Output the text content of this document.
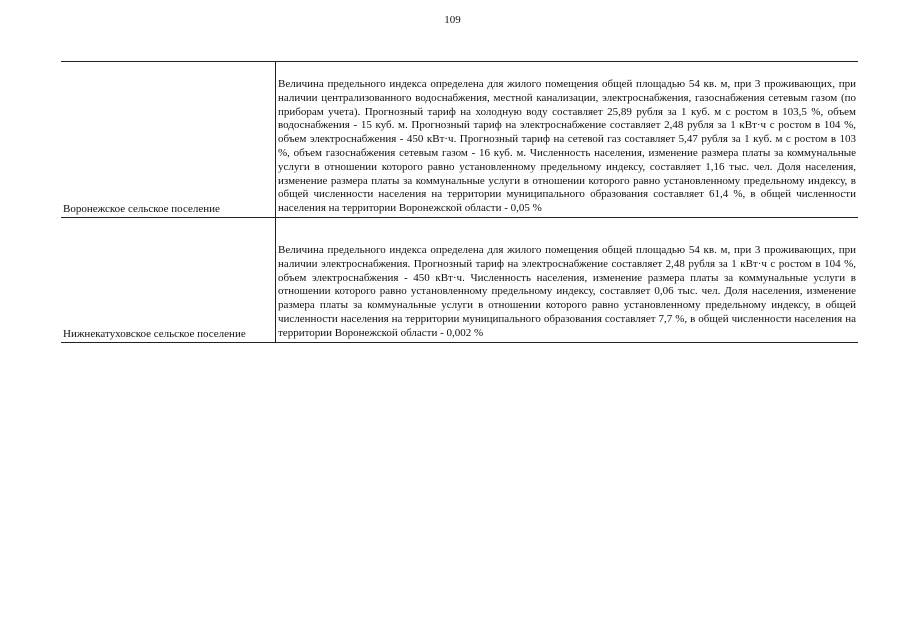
109
Воронежское сельское поселение	Величина предельного индекса определена для жилого помещения общей площадью 54 кв. м, при 3 проживающих, при наличии централизованного водоснабжения, местной канализации, электроснабжения, газоснабжения сетевым газом (по приборам учета). Прогнозный тариф на холодную воду составляет 25,89 рубля за 1 куб. м с ростом в 103,5 %, объем водоснабжения - 15 куб. м. Прогнозный тариф на электроснабжение составляет 2,48 рубля за 1 кВт·ч с ростом в 104 %, объем электроснабжения - 450 кВт·ч. Прогнозный тариф на сетевой газ составляет 5,47 рубля за 1 куб. м с ростом в 103 %, объем газоснабжения сетевым газом - 16 куб. м. Численность населения, изменение размера платы за коммунальные услуги в отношении которого равно установленному предельному индексу, составляет 1,16 тыс. чел. Доля населения, изменение размера платы за коммунальные услуги в отношении которого равно установленному предельному индексу, в общей численности населения на территории муниципального образования составляет 61,4 %, в общей численности населения на территории Воронежской области - 0,05 %

Нижнекатуховское сельское поселение	Величина предельного индекса определена для жилого помещения общей площадью 54 кв. м, при 3 проживающих, при наличии электроснабжения. Прогнозный тариф на электроснабжение составляет 2,48 рубля за 1 кВт·ч с ростом в 104 %, объем электроснабжения - 450 кВт·ч. Численность населения, изменение размера платы за коммунальные услуги в отношении которого равно установленному предельному индексу, составляет 0,06 тыс. чел. Доля населения, изменение размера платы за коммунальные услуги в отношении которого равно установленному предельному индексу, в общей численности населения на территории муниципального образования составляет 7,7 %, в общей численности населения на территории Воронежской области - 0,002 %
